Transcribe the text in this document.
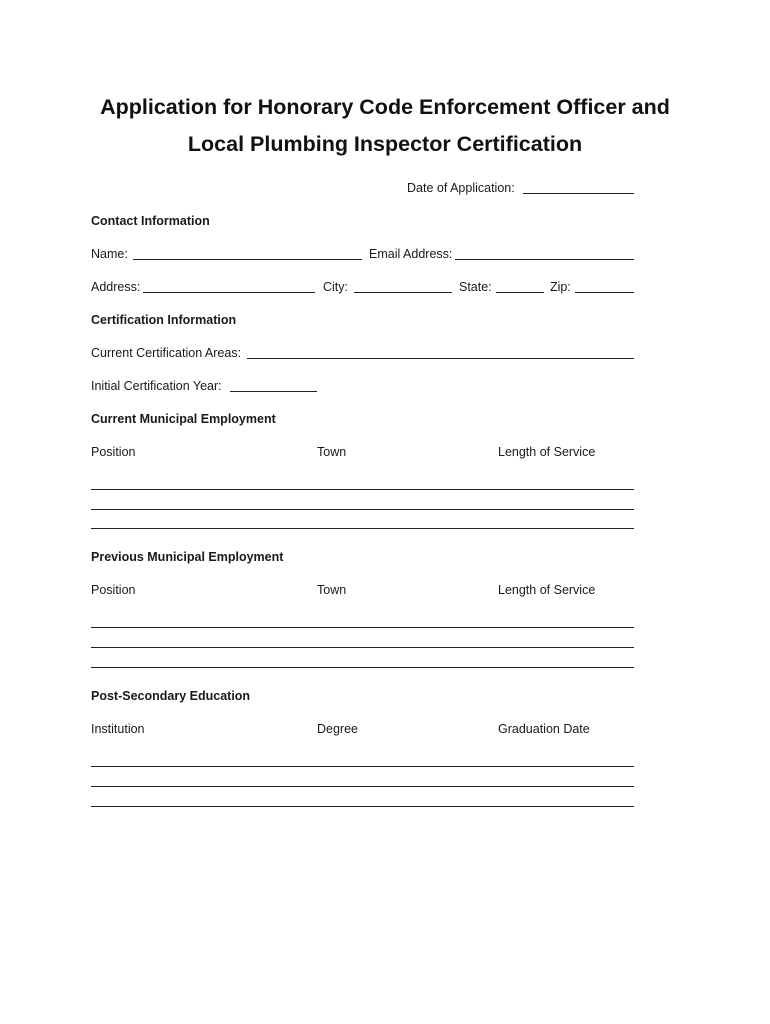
Application for Honorary Code Enforcement Officer and
Local Plumbing Inspector Certification
Date of Application:
Contact Information
Name:	Email Address:
Address:	City:	State:	Zip:
Certification Information
Current Certification Areas:
Initial Certification Year:
Current Municipal Employment
Position	Town	Length of Service
Previous Municipal Employment
Position	Town	Length of Service
Post-Secondary Education
Institution	Degree	Graduation Date
